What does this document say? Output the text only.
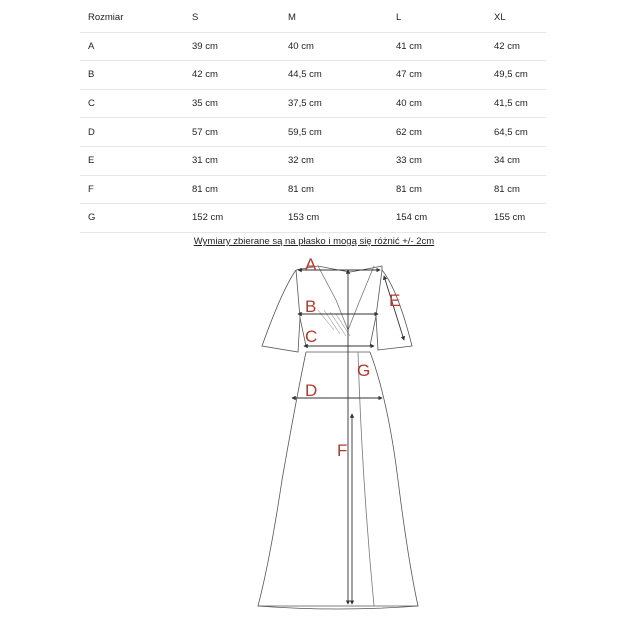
Rozmiar	S	M	L	XL
A	39 cm	40 cm	41 cm	42 cm
B	42 cm	44,5 cm	47 cm	49,5 cm
C	35 cm	37,5 cm	40 cm	41,5 cm
D	57 cm	59,5 cm	62 cm	64,5 cm
E	31 cm	32 cm	33 cm	34 cm
F	81 cm	81 cm	81 cm	81 cm
G	152 cm	153 cm	154 cm	155 cm
Wymiary zbierane są na płasko i mogą się różnić +/- 2cm
A
B
C
D
E
F
G
